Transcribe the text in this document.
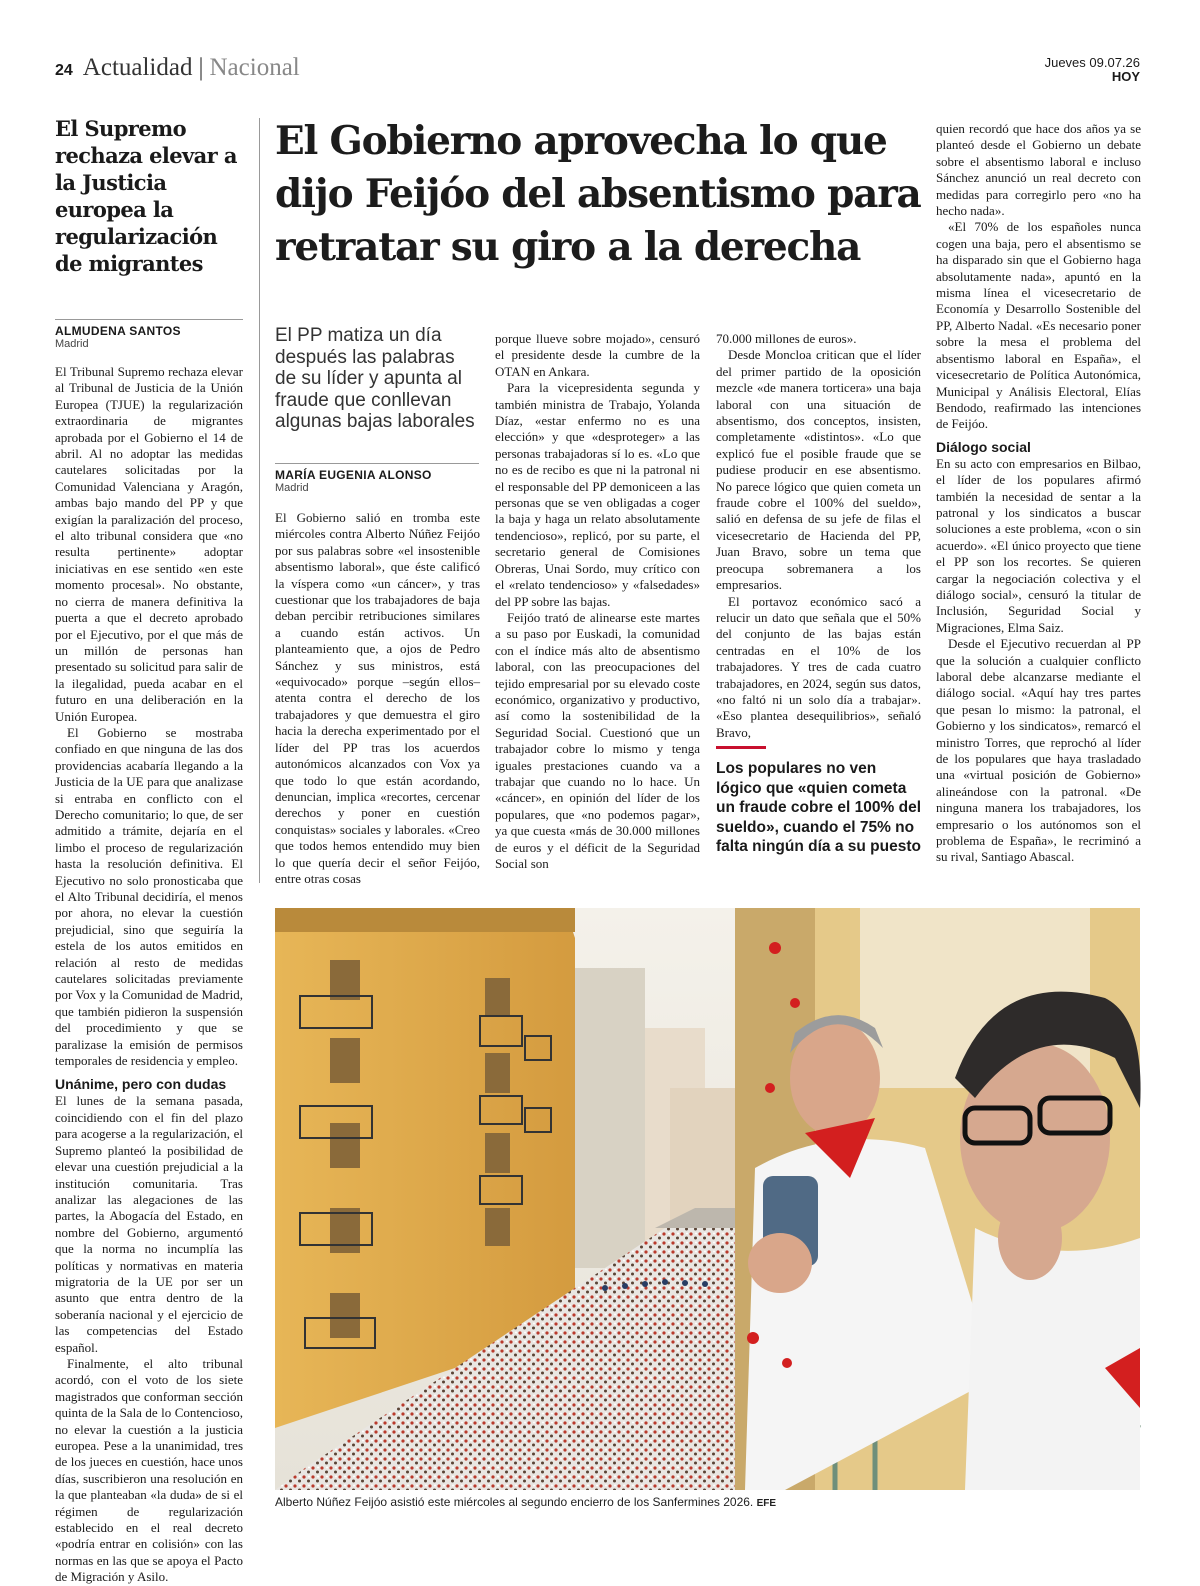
24 Actualidad | Nacional	Jueves 09.07.26
HOY
El Supremo rechaza elevar a la Justicia europea la regularización de migrantes
ALMUDENA SANTOS
Madrid

El Tribunal Supremo rechaza elevar al Tribunal de Justicia de la Unión Europea (TJUE) la regularización extraordinaria de migrantes aprobada por el Gobierno el 14 de abril. Al no adoptar las medidas cautelares solicitadas por la Comunidad Valenciana y Aragón, ambas bajo mando del PP y que exigían la paralización del proceso, el alto tribunal considera que «no resulta pertinente» adoptar iniciativas en ese sentido «en este momento procesal». No obstante, no cierra de manera definitiva la puerta a que el decreto aprobado por el Ejecutivo, por el que más de un millón de personas han presentado su solicitud para salir de la ilegalidad, pueda acabar en el futuro en una deliberación en la Unión Europea.

El Gobierno se mostraba confiado en que ninguna de las dos providencias acabaría llegando a la Justicia de la UE para que analizase si entraba en conflicto con el Derecho comunitario; lo que, de ser admitido a trámite, dejaría en el limbo el proceso de regularización hasta la resolución definitiva. El Ejecutivo no solo pronosticaba que el Alto Tribunal decidiría, el menos por ahora, no elevar la cuestión prejudicial, sino que seguiría la estela de los autos emitidos en relación al resto de medidas cautelares solicitadas previamente por Vox y la Comunidad de Madrid, que también pidieron la suspensión del procedimiento y que se paralizase la emisión de permisos temporales de residencia y empleo.

Unánime, pero con dudas

El lunes de la semana pasada, coincidiendo con el fin del plazo para acogerse a la regularización, el Supremo planteó la posibilidad de elevar una cuestión prejudicial a la institución comunitaria. Tras analizar las alegaciones de las partes, la Abogacía del Estado, en nombre del Gobierno, argumentó que la norma no incumplía las políticas y normativas en materia migratoria de la UE por ser un asunto que entra dentro de la soberanía nacional y el ejercicio de las competencias del Estado español.

Finalmente, el alto tribunal acordó, con el voto de los siete magistrados que conforman sección quinta de la Sala de lo Contencioso, no elevar la cuestión a la justicia europea. Pese a la unanimidad, tres de los jueces en cuestión, hace unos días, suscribieron una resolución en la que planteaban «la duda» de si el régimen de regularización establecido en el real decreto «podría entrar en colisión» con las normas en las que se apoya el Pacto de Migración y Asilo.

El Gobierno aprovecha lo que dijo Feijóo del absentismo para retratar su giro a la derecha
El PP matiza un día después las palabras de su líder y apunta al fraude que conllevan algunas bajas laborales
MARÍA EUGENIA ALONSO
Madrid

El Gobierno salió en tromba este miércoles contra Alberto Núñez Feijóo por sus palabras sobre «el insostenible absentismo laboral», que éste calificó la víspera como «un cáncer», y tras cuestionar que los trabajadores de baja deban percibir retribuciones similares a cuando están activos. Un planteamiento que, a ojos de Pedro Sánchez y sus ministros, está «equivocado» porque –según ellos– atenta contra el derecho de los trabajadores y que demuestra el giro hacia la derecha experimentado por el líder del PP tras los acuerdos autonómicos alcanzados con Vox ya que todo lo que están acordando, denuncian, implica «recortes, cercenar derechos y poner en cuestión conquistas» sociales y laborales. «Creo que todos hemos entendido muy bien lo que quería decir el señor Feijóo, entre otras cosas

porque llueve sobre mojado», censuró el presidente desde la cumbre de la OTAN en Ankara.

Para la vicepresidenta segunda y también ministra de Trabajo, Yolanda Díaz, «estar enfermo no es una elección» y que «desproteger» a las personas trabajadoras sí lo es. «Lo que no es de recibo es que ni la patronal ni el responsable del PP demoniceen a las personas que se ven obligadas a coger la baja y haga un relato absolutamente tendencioso», replicó, por su parte, el secretario general de Comisiones Obreras, Unai Sordo, muy crítico con el «relato tendencioso» y «falsedades» del PP sobre las bajas.

Feijóo trató de alinearse este martes a su paso por Euskadi, la comunidad con el índice más alto de absentismo laboral, con las preocupaciones del tejido empresarial por su elevado coste económico, organizativo y productivo, así como la sostenibilidad de la Seguridad Social. Cuestionó que un trabajador cobre lo mismo y tenga iguales prestaciones cuando va a trabajar que cuando no lo hace. Un «cáncer», en opinión del líder de los populares, que «no podemos pagar», ya que cuesta «más de 30.000 millones de euros y el déficit de la Seguridad Social son

70.000 millones de euros».

Desde Moncloa critican que el líder del primer partido de la oposición mezcle «de manera torticera» una baja laboral con una situación de absentismo, dos conceptos, insisten, completamente «distintos». «Lo que explicó fue el posible fraude que se pudiese producir en ese absentismo. No parece lógico que quien cometa un fraude cobre el 100% del sueldo», salió en defensa de su jefe de filas el vicesecretario de Hacienda del PP, Juan Bravo, sobre un tema que preocupa sobremanera a los empresarios.

El portavoz económico sacó a relucir un dato que señala que el 50% del conjunto de las bajas están centradas en el 10% de los trabajadores. Y tres de cada cuatro trabajadores, en 2024, según sus datos, «no faltó ni un solo día a trabajar». «Eso plantea desequilibrios», señaló Bravo,

Los populares no ven lógico que «quien cometa un fraude cobre el 100% del sueldo», cuando el 75% no falta ningún día a su puesto

quien recordó que hace dos años ya se planteó desde el Gobierno un debate sobre el absentismo laboral e incluso Sánchez anunció un real decreto con medidas para corregirlo pero «no ha hecho nada».

«El 70% de los españoles nunca cogen una baja, pero el absentismo se ha disparado sin que el Gobierno haga absolutamente nada», apuntó en la misma línea el vicesecretario de Economía y Desarrollo Sostenible del PP, Alberto Nadal. «Es necesario poner sobre la mesa el problema del absentismo laboral en España», el vicesecretario de Política Autonómica, Municipal y Análisis Electoral, Elías Bendodo, reafirmado las intenciones de Feijóo.

Diálogo social

En su acto con empresarios en Bilbao, el líder de los populares afirmó también la necesidad de sentar a la patronal y los sindicatos a buscar soluciones a este problema, «con o sin acuerdo». «El único proyecto que tiene el PP son los recortes. Se quieren cargar la negociación colectiva y el diálogo social», censuró la titular de Inclusión, Seguridad Social y Migraciones, Elma Saiz.

Desde el Ejecutivo recuerdan al PP que la solución a cualquier conflicto laboral debe alcanzarse mediante el diálogo social. «Aquí hay tres partes que pesan lo mismo: la patronal, el Gobierno y los sindicatos», remarcó el ministro Torres, que reprochó al líder de los populares que haya trasladado una «virtual posición de Gobierno» alineándose con la patronal. «De ninguna manera los trabajadores, los empresario o los autónomos son el problema de España», le recriminó a su rival, Santiago Abascal.

Alberto Núñez Feijóo asistió este miércoles al segundo encierro de los Sanfermines 2026. EFE
